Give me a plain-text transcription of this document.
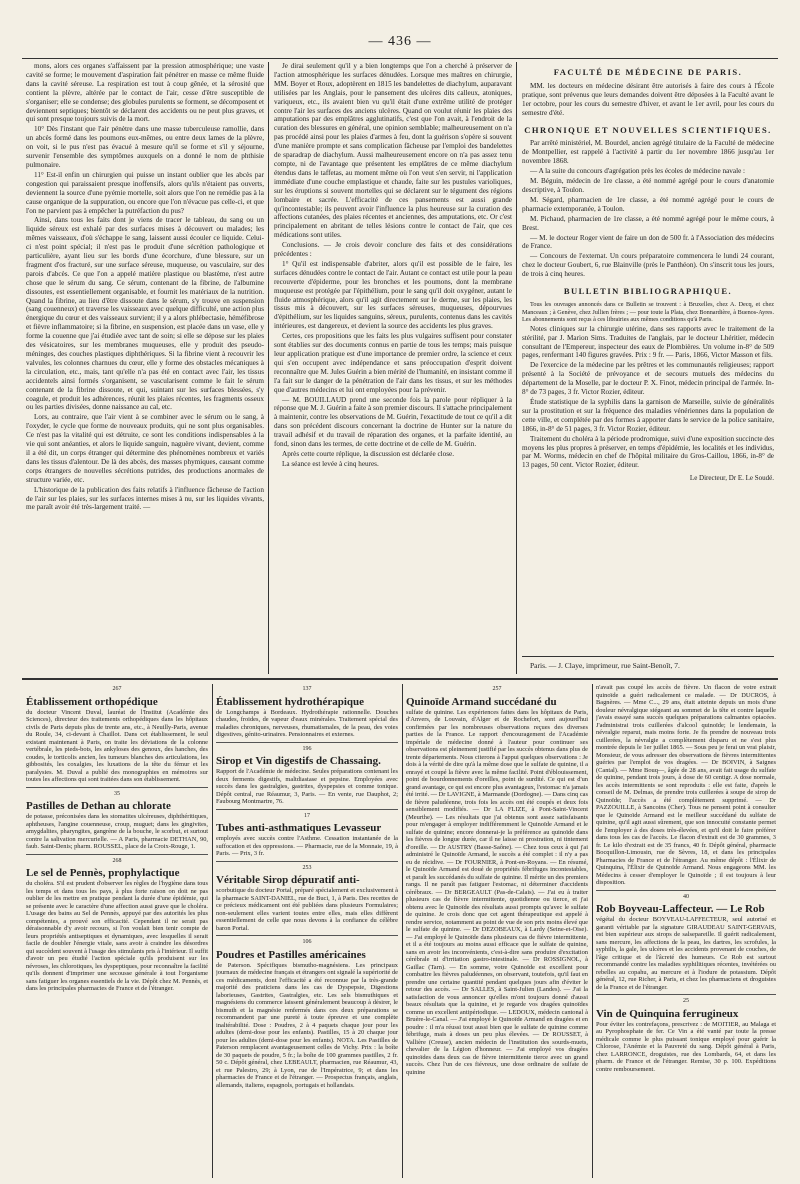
— 436 —

mons, alors ces organes s'affaissent par la pression atmosphérique; une vaste cavité se forme; le mouvement d'aspiration fait pénétrer en masse ce même fluide dans la cavité séreuse. La respiration est tout à coup gênée, et la sérosité que contient la plèvre, altérée par le contact de l'air, cesse d'être susceptible de s'organiser; elle se condense; des globules purulents se forment, se décomposent et deviennent septiques; bientôt se déclarent des accidents ou ne peut plus graves, et qui sont presque toujours suivis de la mort.

10° Dès l'instant que l'air pénètre dans une masse tuberculeuse ramollie, dans un abcès formé dans les poumons eux-mêmes, ou entre deux lames de la plèvre, on voit, si le pus n'est pas évacué à mesure qu'il se forme et s'il y séjourne, survenir l'ensemble des symptômes auxquels on a donné le nom de phthisie pulmonaire.

11° Est-il enfin un chirurgien qui puisse un instant oublier que les abcès par congestion qui paraissaient presque inoffensifs, alors qu'ils n'étaient pas ouverts, deviennent la source d'une pyémie mortelle, soit alors que l'on ne remédie pas à la cause organique de la suppuration, ou encore que l'on n'évacue pas celle-ci, et que l'on ne parvient pas à empêcher la putréfaction du pus?

Ainsi, dans tous les faits dont je viens de tracer le tableau, du sang ou un liquide séreux est exhalé par des surfaces mises à découvert ou malades; les mêmes vaisseaux, d'où s'échappe le sang, laissent aussi écouler ce liquide. Celui-ci n'est point spécial; il n'est pas le produit d'une sécrétion pathologique et particulière, ayant lieu sur les bords d'une écorchure, d'une blessure, sur un fragment d'os fracturé, sur une surface séreuse, muqueuse, ou vasculaire, sur des parois d'abcès. Ce que l'on a appelé matière plastique ou blastème, n'est autre chose que le sérum du sang. Ce sérum, contenant de la fibrine, de l'albumine dissoutes, est essentiellement organisable, et fournit les matériaux de la nutrition. Quand la fibrine, au lieu d'être dissoute dans le sérum, s'y trouve en suspension (sang couenneux) et traverse les vaisseaux avec quelque difficulté, une action plus énergique du cœur et des vaisseaux survient; il y a alors phlébectasie, héméfibrose et fièvre inflammatoire; si la fibrine, en suspension, est placée dans un vase, elle y forme la couenne que j'ai étudiée avec tant de soin; si elle se dépose sur les plaies des vésicatoires, sur les membranes muqueuses, elle y produit des pseudo-méninges, des couches plastiques diphthériques. Si la fibrine vient à recouvrir les valvules, les colonnes charnues du cœur, elle y forme des obstacles mécaniques à la circulation, etc., mais, tant qu'elle n'a pas été en contact avec l'air, les tissus accidentels ainsi formés s'organisent, se vascularisent comme le fait le sérum contenant de la fibrine dissoute, et qui, suintant sur les surfaces blessées, s'y coagule, et produit les adhérences, réunit les plaies récentes, les fragments osseux ou les parties divisées, donne naissance au cal, etc.

Lors, au contraire, que l'air vient à se combiner avec le sérum ou le sang, à l'oxyder, le cycle que forme de nouveaux produits, qui ne sont plus organisables. Ce n'est pas la vitalité qui est détruite, ce sont les conditions indispensables à la vie qui sont anéanties, et alors le liquide sanguin, naguère vivant, devient, comme il a été dit, un corps étranger qui détermine des phénomènes nombreux et variés dans les tissus d'alentour. De là des abcès, des masses phymiques, causant comme corps étrangers de nouvelles sécrétions putrides, des productions anormales de structure variée, etc.

L'historique de la publication des faits relatifs à l'influence fâcheuse de l'action de l'air sur les plaies, sur les surfaces internes mises à nu, sur les liquides vivants, me paraît avoir été très-largement traité. —

Je dirai seulement qu'il y a bien longtemps que l'on a cherché à préserver de l'action atmosphérique les surfaces dénudées. Lorsque mes maîtres en chirurgie, MM. Boyer et Roux, adoptèrent en 1815 les bandelettes de diachylum, auparavant utilisées par les Anglais, pour le pansement des ulcères dits calleux, atoniques, variqueux, etc., ils avaient bien vu qu'il était d'une extrême utilité de protéger contre l'air les surfaces des anciens ulcères. Quand on voulut réunir les plaies des amputations par des emplâtres agglutinatifs, c'est que l'on avait, à l'endroit de la curation des blessures en général, une opinion semblable; malheureusement on n'a pas procédé ainsi pour les plaies d'armes à feu, dont la guérison s'opère si souvent d'une manière prompte et sans complication fâcheuse par l'emploi des bandelettes de sparadrap de diachylum. Aussi malheureusement encore on n'a pas assez tenu compte, ni de l'avantage que présentent les emplâtres de ce même diachylum étendus dans le taffetas, au moment même où l'on veut s'en servir, ni l'application immédiate d'une couche emplastique et chaude, faite sur les pustules varioliques, sur les éruptions si souvent mortelles qui se déclarent sur le tégument des régions lombaire et sacrée. L'efficacité de ces pansements est aussi grande qu'incontestable; ils peuvent avoir l'influence la plus heureuse sur la curation des affections cutanées, des plaies récentes et anciennes, des amputations, etc. Or c'est principalement en abritant de telles lésions contre le contact de l'air, que ces médications sont utiles.

Conclusions. — Je crois devoir conclure des faits et des considérations précédentes :

1° Qu'il est indispensable d'abriter, alors qu'il est possible de le faire, les surfaces dénudées contre le contact de l'air. Autant ce contact est utile pour la peau recouverte d'épiderme, pour les bronches et les poumons, dont la membrane muqueuse est protégée par l'épithélium, pour le sang qu'il doit oxygéner, autant le fluide atmosphérique, alors qu'il agit directement sur le derme, sur les plaies, les tissus mis à découvert, sur les surfaces séreuses, muqueuses, dépourvues d'épithélium, sur les liquides sanguins, séreux, purulents, contenus dans les cavités intérieures, est dangereux, et devient la source des accidents les plus graves.

Certes, ces propositions que les faits les plus vulgaires suffisent pour constater sont établies sur des documents connus en partie de tous les temps; mais puisque leur application pratique est d'une importance de premier ordre, la science et ceux qui s'en occupent avec indépendance et sans préoccupation d'esprit doivent reconnaître que M. Jules Guérin a bien mérité de l'humanité, en insistant comme il l'a fait sur le danger de la pénétration de l'air dans les tissus, et sur les méthodes que d'autres médecins et lui ont employées pour la prévenir.

— M. BOUILLAUD prend une seconde fois la parole pour répliquer à la réponse que M. J. Guérin a faite à son premier discours. Il s'attache principalement à maintenir, contre les observations de M. Guérin, l'exactitude de tout ce qu'il a dit dans son précédent discours concernant la doctrine de Hunter sur la nature du travail adhésif et du travail de réparation des organes, et la parfaite identité, au fond, sinon dans les termes, de cette doctrine et de celle de M. Guérin.

Après cette courte réplique, la discussion est déclarée close.

La séance est levée à cinq heures.

FACULTÉ DE MÉDECINE DE PARIS.

MM. les docteurs en médecine désirant être autorisés à faire des cours à l'École pratique, sont prévenus que leurs demandes doivent être déposées à la Faculté avant le 1er octobre, pour les cours du semestre d'hiver, et avant le 1er avril, pour les cours du semestre d'été.

CHRONIQUE ET NOUVELLES SCIENTIFIQUES.

Par arrêté ministériel, M. Bourdel, ancien agrégé titulaire de la Faculté de médecine de Montpellier, est rappelé à l'activité à partir du 1er novembre 1866 jusqu'au 1er novembre 1868.

— A la suite du concours d'agrégation près les écoles de médecine navale :

M. Béguin, médecin de 1re classe, a été nommé agrégé pour le cours d'anatomie descriptive, à Toulon.

M. Ségard, pharmacien de 1re classe, a été nommé agrégé pour le cours de pharmacie extemporanée, à Toulon.

M. Pichaud, pharmacien de 1re classe, a été nommé agrégé pour le même cours, à Brest.

— M. le docteur Roger vient de faire un don de 500 fr. à l'Association des médecins de France.

— Concours de l'externat. Un cours préparatoire commencera le lundi 24 courant, chez le docteur Goubert, 6, rue Blainville (près le Panthéon). On s'inscrit tous les jours, de trois à cinq heures.

BULLETIN BIBLIOGRAPHIQUE.

Tous les ouvrages annoncés dans ce Bulletin se trouvent : à Bruxelles, chez A. Decq, et chez Manceaux ; à Genève, chez Jullien frères ; — pour toute la Plata, chez Bonnardière, à Buenos-Ayres. Les abonnements sont reçus à ces librairies aux mêmes conditions qu'à Paris.

Notes cliniques sur la chirurgie utérine, dans ses rapports avec le traitement de la stérilité, par J. Marion Sims. Traduites de l'anglais, par le docteur Lhéritier, médecin consultant de l'Empereur, inspecteur des eaux de Plombières. Un volume in-8° de 509 pages, renfermant 140 figures gravées. Prix : 9 fr. — Paris, 1866, Victor Masson et fils.

De l'exercice de la médecine par les prêtres et les communautés religieuses; rapport présenté à la Société de prévoyance et de secours mutuels des médecins du département de la Moselle, par le docteur P. X. Finot, médecin principal de l'armée. In-8° de 73 pages, 3 fr. Victor Rozier, éditeur.

Étude statistique de la syphilis dans la garnison de Marseille, suivie de généralités sur la prostitution et sur la fréquence des maladies vénériennes dans la population de cette ville, et complétée par des formes à apporter dans le service de la police sanitaire, 1866, in-8° de 51 pages, 3 fr. Victor Rozier, éditeur.

Traitement du choléra à la période prodromique, suivi d'une exposition succincte des moyens les plus propres à préserver, en temps d'épidémie, les localités et les individus, par M. Worms, médecin en chef de l'hôpital militaire du Gros-Caillou, 1866, in-8° de 13 pages, 50 cent. Victor Rozier, éditeur.

Le Directeur, Dr E. Le Soudé.
Paris. — J. Claye, imprimeur, rue Saint-Benoît, 7.
267
Établissement orthopédique
du docteur Vincent Duval, lauréat de l'Institut (Académie des Sciences), directeur des traitements orthopédiques dans les hôpitaux civils de Paris depuis plus de trente ans, etc., à Neuilly-Paris, avenue du Roule, 34, ci-devant à Chaillot. Dans cet établissement, le seul existant maintenant à Paris, on traite les déviations de la colonne vertébrale, les pieds-bots, les ankyloses des genoux, des hanches, des coudes, le torticolis ancien, les tumeurs blanches des articulations, les gibbosités, les coxalgies, les luxations de la tête du fémur et les paralysies. M. Duval a publié des monographies en mémoires sur toutes les affections qui sont traitées dans son établissement.
35
Pastilles de Dethan au chlorate
de potasse, préconisées dans les stomatites ulcéreuses, diphthéritiques, aphtheuses, l'angine couenneuse, croup, muguet; dans les gingivites, amygdalites, pharyngites, gangrène de la bouche, le scorbut, et surtout contre la salivation mercurielle. — A Paris, pharmacie DETHAN, 90, faub. Saint-Denis; pharm. ROUSSEL, place de la Croix-Rouge, 1.
268
Le sel de Pennès, prophylactique
du choléra. S'il est prudent d'observer les règles de l'hygiène dans tous les temps et dans tous les pays, à plus forte raison on doit ne pas oublier de les mettre en pratique pendant la durée d'une épidémie, qui se présente avec le caractère d'une affection aussi grave que le choléra. L'usage des bains au Sel de Pennès, appuyé par des autorités les plus compétentes, a prouvé son efficacité. Cependant il ne serait pas déraisonnable d'y avoir recours, si l'on voulait bien tenir compte de leurs propriétés antiseptiques et dynamiques, avec lesquelles il serait facile de doubler l'énergie vitale, sans avoir à craindre les désordres qui succèdent souvent à l'usage des stimulants pris à l'intérieur. Il suffit d'avoir un peu étudié l'action spéciale qu'ils produisent sur les névroses, les chlorotiques, les dyspeptiques, pour reconnaître la facilité qu'ils donnent d'imprimer une secousse générale à tout l'organisme sans fatiguer les organes essentiels de la vie. Dépôt chez M. Pennès, et dans les principales pharmacies de France et de l'étranger.
137
Établissement hydrothérapique
de Longchamps à Bordeaux. Hydrothérapie rationnelle. Douches chaudes, froides, de vapeur d'eaux minérales. Traitement spécial des maladies chroniques, nerveuses, rhumatismales, de la peau, des voies digestives, génito-urinaires. Pensionnaires et externes.
196
Sirop et Vin digestifs de Chassaing.
Rapport de l'Académie de médecine. Seules préparations contenant les deux ferments digestifs, maltdiastase et pepsine. Employées avec succès dans les gastralgies, gastrites, dyspepsies et comme tonique. Dépôt central, rue Réaumur, 3, Paris. — En vente, rue Dauphot, 2; Faubourg Montmartre, 76.
17
Tubes anti-asthmatiques Levasseur
employés avec succès contre l'Asthme. Cessation instantanée de la suffocation et des oppressions. — Pharmacie, rue de la Monnaie, 19, à Paris. — Prix, 3 fr.
253
Véritable Sirop dépuratif anti-
scorbutique du docteur Portal, préparé spécialement et exclusivement à la pharmacie SAINT-DANIEL, rue de Buci, 1, à Paris. Des recettes de ce précieux médicament ont été publiées dans plusieurs Formulaires; non-seulement elles varient toutes entre elles, mais elles diffèrent essentiellement de celle que nous devons à la confiance du célèbre baron Portal.
106
Poudres et Pastilles américaines
de Paterson. Spécifiques bismutho-magnésiens. Les principaux journaux de médecine français et étrangers ont signalé la supériorité de ces médicaments, dont l'efficacité a été reconnue par la très-grande majorité des praticiens dans les cas de Dyspepsie, Digestions laborieuses, Gastrites, Gastralgies, etc. Les sels bismuthiques et magnésiens du commerce laissent généralement beaucoup à désirer, le bismuth et la magnésie renfermés dans ces deux préparations se recommandent par une pureté à toute épreuve et une complète inaltérabilité. Dose : Poudres, 2 à 4 paquets chaque jour pour les adultes (demi-dose pour les enfants). Pastilles, 15 à 20 chaque jour pour les adultes (demi-dose pour les enfants). NOTA. Les Pastilles de Paterson remplacent avantageusement celles de Vichy. Prix : la boîte de 30 paquets de poudre, 5 fr.; la boîte de 100 grammes pastilles, 2 fr. 50 c. Dépôt général, chez LEBEAULT, pharmacien, rue Réaumur, 43, et rue Palestro, 29; à Lyon, rue de l'Impératrice, 9; et dans les pharmacies de France et de l'étranger. — Prospectus français, anglais, allemands, italiens, espagnols, portugais et hollandais.
257
Quinoïde Armand succédané du
sulfate de quinine. Les expériences faites dans les hôpitaux de Paris, d'Anvers, de Louvain, d'Alger et de Rochefort, sont aujourd'hui confirmées par les nombreuses observations reçues des diverses parties de la France. Le rapport d'encouragement de l'Académie impériale de médecine donné à l'auteur pour continuer ses observations est pleinement justifié par les succès obtenus dans plus de trente départements. Nous citerons à l'appui quelques observations : Je dois à la vérité de dire qu'à la même dose que le sulfate de quinine, il a enrayé et coupé la fièvre avec la même facilité. Point d'éblouissement, point de bourdonnements d'oreilles, point de surdité. Ce qui est d'un grand avantage, ce qui est encore plus avantageux, l'estomac n'a jamais été irrité. — Dr LAVIGNE, à Marmande (Dordogne). — Dans cinq cas de fièvre paludéenne, trois fois les accès ont été coupés et deux fois sensiblement modifiés. — Dr LA FLIZE, à Pont-Saint-Vincent (Meurthe). — Les résultats que j'ai obtenus sont assez satisfaisants pour m'engager à employer indifféremment le Quinoïde Armand et le sulfate de quinine; encore donnerai-je la préférence au quinoïde dans les fièvres de longue durée, car il ne laisse ni prostration, ni tintement d'oreille. — Dr AUSTRY (Basse-Saône). — Chez tous ceux à qui j'ai administré le Quinoïde Armand, le succès a été complet : il n'y a pas eu de récidive. — Dr FOURNIER, à Pont-en-Royans. — En résumé, le Quinoïde Armand est doué de propriétés fébrifuges incontestables, et paraît les succédanés du sulfate de quinine. Il mérite un des premiers rangs. Il ne paraît pas fatiguer l'estomac, ni déterminer d'accidents cérébraux. — Dr BERGEAULT (Pas-de-Calais). — J'ai eu à traiter plusieurs cas de fièvre intermittente, quotidienne ou tierce, et j'ai obtenu avec le Quinoïde des résultats aussi prompts qu'avec le sulfate de quinine. Je crois donc que cet agent thérapeutique est appelé à rendre service, notamment au point de vue de son prix moins élevé que le sulfate de quinine. — Dr DEZOBEAUX, à Lardy (Seine-et-Oise). — J'ai employé le Quinoïde dans plusieurs cas de fièvre intermittente, et il a été toujours au moins aussi efficace que le sulfate de quinine, sans en avoir les inconvénients, c'est-à-dire sans produire d'excitation cérébrale ni d'irritation gastro-intestinale. — Dr ROSSIGNOL, à Gaillac (Tarn). — En somme, votre Quinoïde est excellent pour combattre les fièvres paludéennes, on observant, toutefois, qu'il faut en prendre une certaine quantité pendant quelques jours afin d'éviter le retour des accès. — Dr SALLES, à Saint-Julien (Landes). — J'ai la satisfaction de vous annoncer qu'elles m'ont toujours donné d'aussi beaux résultats que la quinine, et je regarde vos dragées quinoïdes comme un excellent antipériodique. — LEDOUX, médecin cantonal à Bruère-le-Canal. — J'ai employé le Quinoïde Armand en dragées et en poudre : il m'a réussi tout aussi bien que le sulfate de quinine comme fébrifuge, mais à doses un peu plus élevées. — Dr ROUSSET, à Vallière (Creuse), ancien médecin de l'institution des sourds-muets, chevalier de la Légion d'honneur. — J'ai employé vos dragées quinoïdes dans deux cas de fièvre intermittente tierce avec un grand succès. Chez l'un de ces fiévreux, une dose ordinaire de sulfate de quinine
n'avait pas coupé les accès de fièvre. Un flacon de votre extrait quinoïde a guéri radicalement ce malade. — Dr DUCROS, à Bagnères. — Mme C..., 29 ans, était atteinte depuis un mois d'une douleur névralgique siégeant au sommet de la tête et contre laquelle j'avais essayé sans succès quelques préparations calmantes opiacées. J'administrai trois cuillerées d'alcool quinoïde; le lendemain, la névralgie reparut, mais moins forte. Je fis prendre de nouveau trois cuillerées, la névralgie a complètement disparu et ne s'est plus montrée depuis le 1er juillet 1865. — Sous peu je ferai un vrai plaisir, Monsieur, de vous adresser des observations de fièvres intermittentes guéries par l'emploi de vos dragées. — Dr BOIVIN, à Saignes (Cantal). — Mme Bouq—, âgée de 28 ans, avait fait usage du sulfate de quinine, pendant trois jours, à dose de 60 centigr. A dose normale, les accès intermittents se sont reproduits : elle est faite, d'après le conseil de M. Delmas, de prendre trois cuillerées à soupe de sirop de Quinoïde; l'accès a été complètement supprimé. — Dr PAZZOUILLE, à Sancoins (Cher). Tous ne pensent point à consulter que le Quinoïde Armand est le meilleur succédané du sulfate de quinine, qu'il agit aussi sûrement, que son innocuité constante permet de l'employer à des doses très-élevées, et qu'il doit le faire préférer dans tous les cas de l'accès. Le flacon d'extrait est de 30 grammes, 3 fr. Le kilo d'extrait est de 35 francs, 40 fr. Dépôt général, pharmacie Bocquillon-Limousin, rue de Sèvres, 18, et dans les principales Pharmacies de France et de l'étranger. Au même dépôt : l'Élixir de Quinquina, l'Élixir de Quinoïde Armand. Nous engageons MM. les Médecins à cesser d'employer le Quinoïde ; il est toujours à leur disposition.
40
Rob Boyveau-Laffecteur. — Le Rob
végétal du docteur BOYVEAU-LAFFECTEUR, seul autorisé et garanti véritable par la signature GIRAUDEAU SAINT-GERVAIS, est bien supérieur aux sirops de salsepareille. Il guérit radicalement, sans mercure, les affections de la peau, les dartres, les scrofules, la syphilis, la gale, les ulcères et les accidents provenant de couches, de l'âge critique et de l'âcreté des humeurs. Ce Rob est surtout recommandé contre les maladies syphilitiques récentes, invétérées ou rebelles au copahu, au mercure et à l'iodure de potassium. Dépôt général, 12, rue Richer, à Paris, et chez les pharmaciens et droguistes de la France et de l'étranger.
25
Vin de Quinquina ferrugineux
Pour éviter les contrefaçons, prescrivez : de MOITIER, au Malaga et au Pyrophosphate de fer. Ce Vin a été vanté par toute la presse médicale comme le plus puissant tonique employé pour guérir la Chlorose, l'Anémie et la Pauvreté du sang. Dépôt général à Paris, chez LARRONCE, droguistes, rue des Lombards, 64, et dans les pharm. de France et de l'étranger. Remise, 30 p. 100. Expéditions contre remboursement.
